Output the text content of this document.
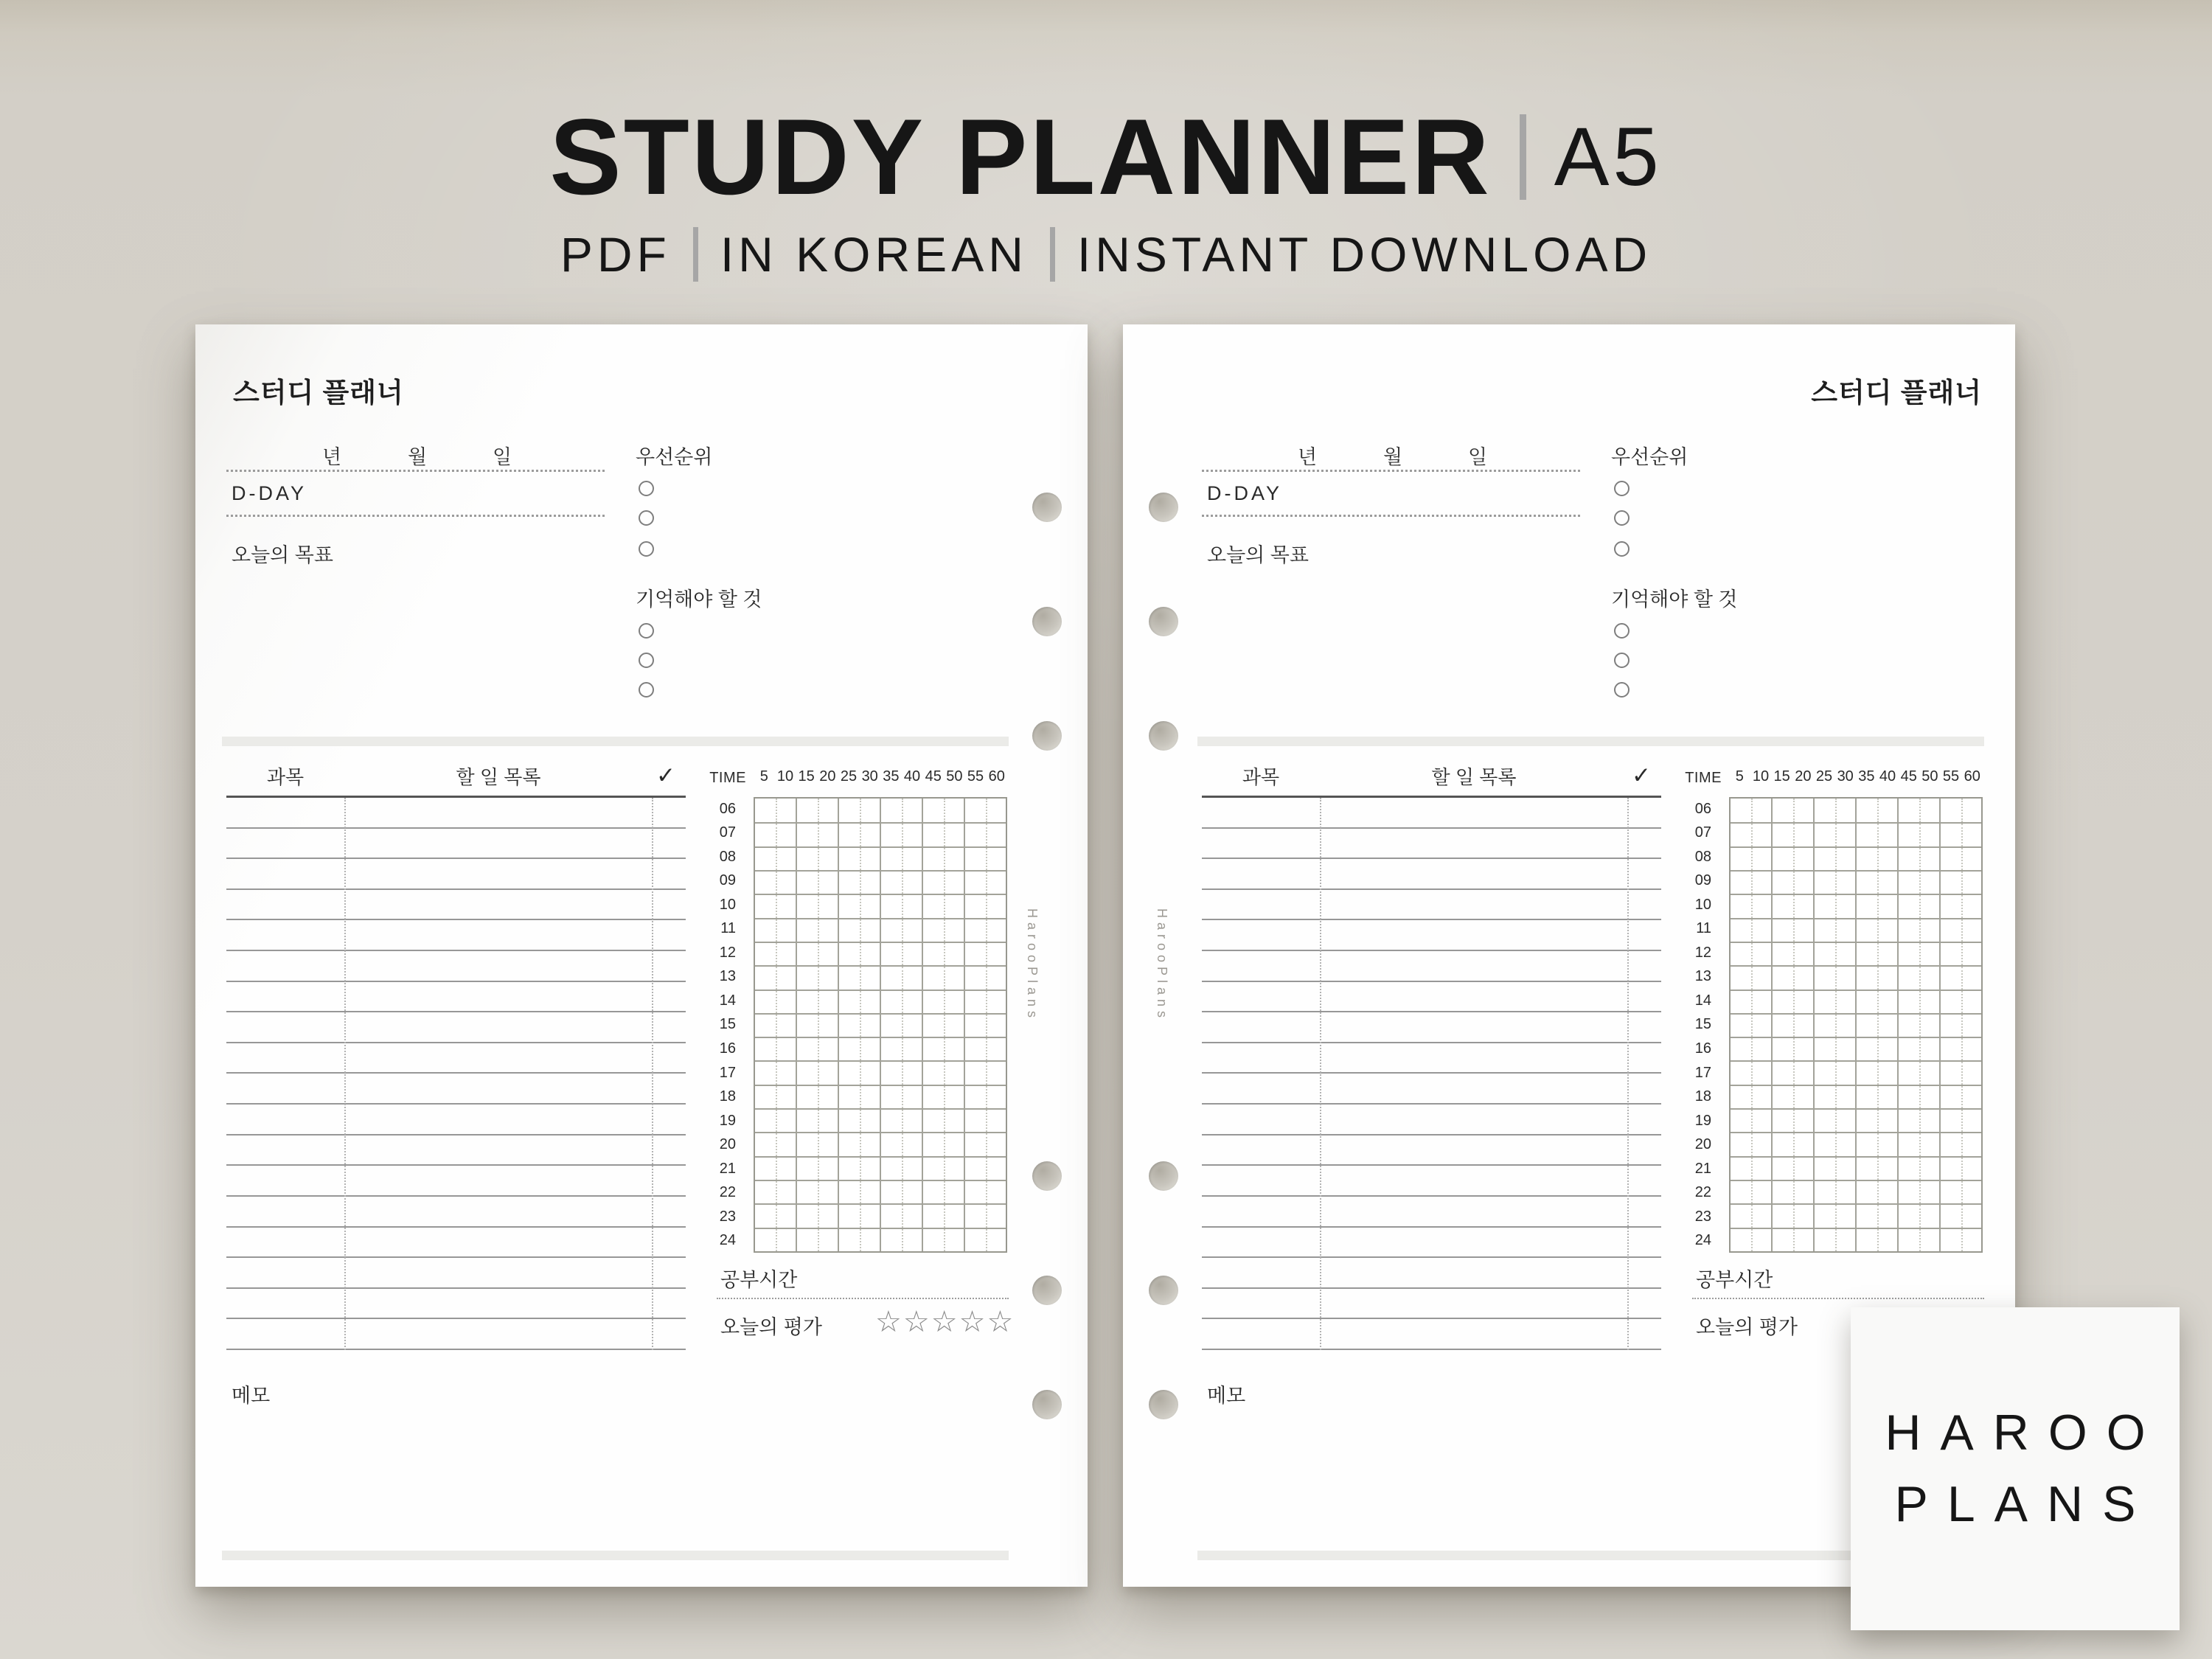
STUDY PLANNER A5
PDF IN KOREAN INSTANT DOWNLOAD
스터디 플래너
년	월	일
D-DAY
오늘의 목표
우선순위
기억해야 할 것
과목	할 일 목록	✓	TIME 5 10 15 20 25 30 35 40 45 50 55 60
06
07
08
09
10
11
12
13
14
15
16
17
18
19
20
21
22
23
24
공부시간
오늘의 평가 ☆☆☆☆☆
메모
HarooPlans
스터디 플래너
년	월	일
D-DAY
오늘의 목표
우선순위
기억해야 할 것
과목	할 일 목록	✓	TIME 5 10 15 20 25 30 35 40 45 50 55 60
06
07
08
09
10
11
12
13
14
15
16
17
18
19
20
21
22
23
24
공부시간
오늘의 평가
메모
HarooPlans
HAROO
PLANS
